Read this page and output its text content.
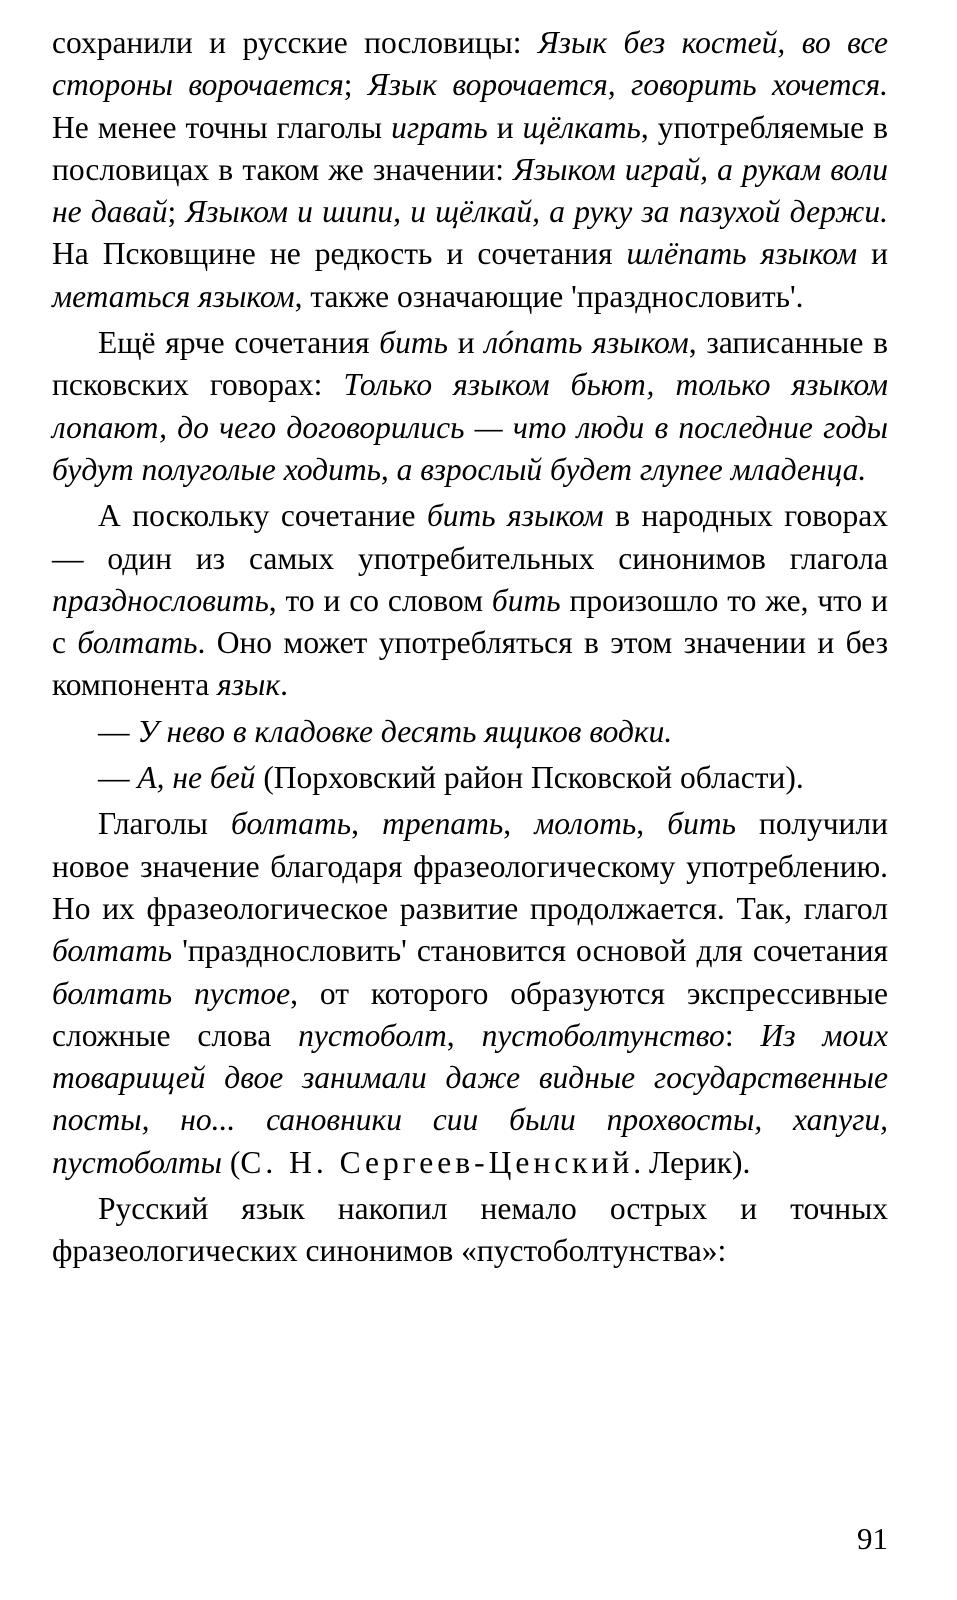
сохранили и русские пословицы: Язык без костей, во все стороны ворочается; Язык ворочается, говорить хочется. Не менее точны глаголы играть и щёлкать, употребляемые в пословицах в таком же значении: Языком играй, а рукам воли не давай; Языком и шипи, и щёлкай, а руку за пазухой держи. На Псковщине не редкость и сочетания шлёпать языком и метаться языком, также означающие 'празднословить'.

Ещё ярче сочетания бить и лóпать языком, записанные в псковских говорах: Только языком бьют, только языком лопают, до чего договорились — что люди в последние годы будут полуголые ходить, а взрослый будет глупее младенца.

А поскольку сочетание бить языком в народных говорах — один из самых употребительных синонимов глагола празднословить, то и со словом бить произошло то же, что и с болтать. Оно может употребляться в этом значении и без компонента язык.

— У нево в кладовке десять ящиков водки.

— А, не бей (Порховский район Псковской области).

Глаголы болтать, трепать, молоть, бить получили новое значение благодаря фразеологическому употреблению. Но их фразеологическое развитие продолжается. Так, глагол болтать 'празднословить' становится основой для сочетания болтать пустое, от которого образуются экспрессивные сложные слова пустоболт, пустоболтунство: Из моих товарищей двое занимали даже видные государственные посты, но... сановники сии были прохвосты, хапуги, пустоболты (С. Н. Сергеев-Ценский. Лерик).

Русский язык накопил немало острых и точных фразеологических синонимов «пустоболтунства»:

91
